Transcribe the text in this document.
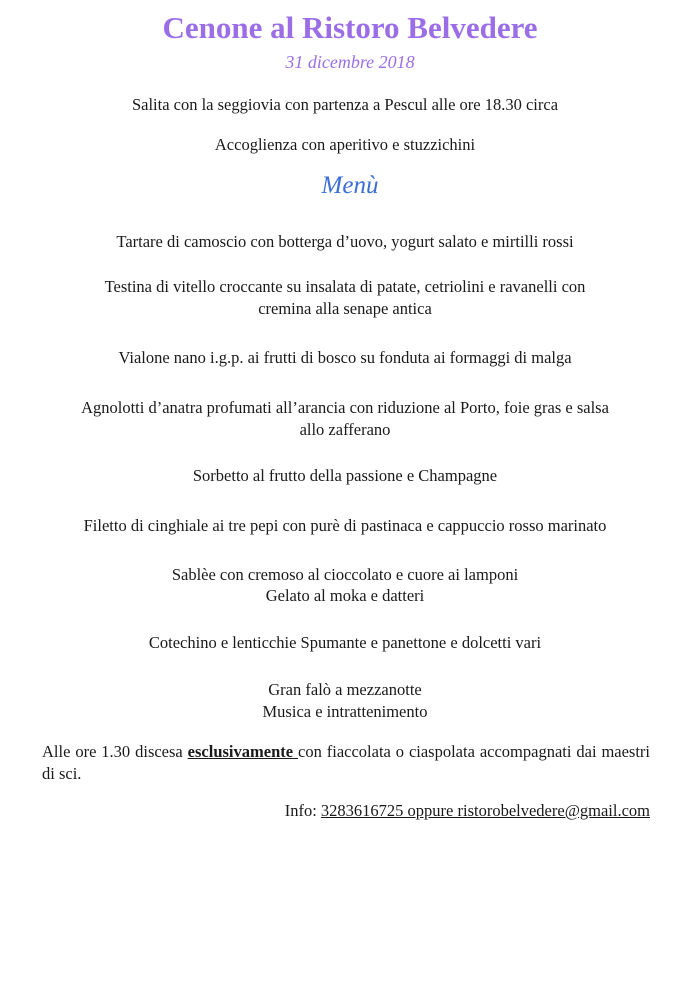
Cenone al Ristoro Belvedere
31 dicembre 2018
Salita con la seggiovia con partenza a Pescul alle ore 18.30 circa
Accoglienza con aperitivo e stuzzichini
Menù
Tartare di camoscio con botterga d’uovo, yogurt salato e mirtilli rossi
Testina di vitello croccante su insalata di patate, cetriolini e ravanelli con
cremina alla senape antica
Vialone nano i.g.p. ai frutti di bosco su fonduta ai formaggi di malga
Agnolotti d’anatra profumati all’arancia con riduzione al Porto, foie gras e salsa
allo zafferano
Sorbetto al frutto della passione e Champagne
Filetto di cinghiale ai tre pepi con purè di pastinaca e cappuccio rosso marinato
Sablèe con cremoso al cioccolato e cuore ai lamponi
Gelato al moka e datteri
Cotechino e lenticchie Spumante e panettone e dolcetti vari
Gran falò a mezzanotte
Musica e intrattenimento
Alle ore 1.30 discesa esclusivamente con fiaccolata o ciaspolata accompagnati dai maestri di sci.
Info: 3283616725 oppure ristorobelvedere@gmail.com
